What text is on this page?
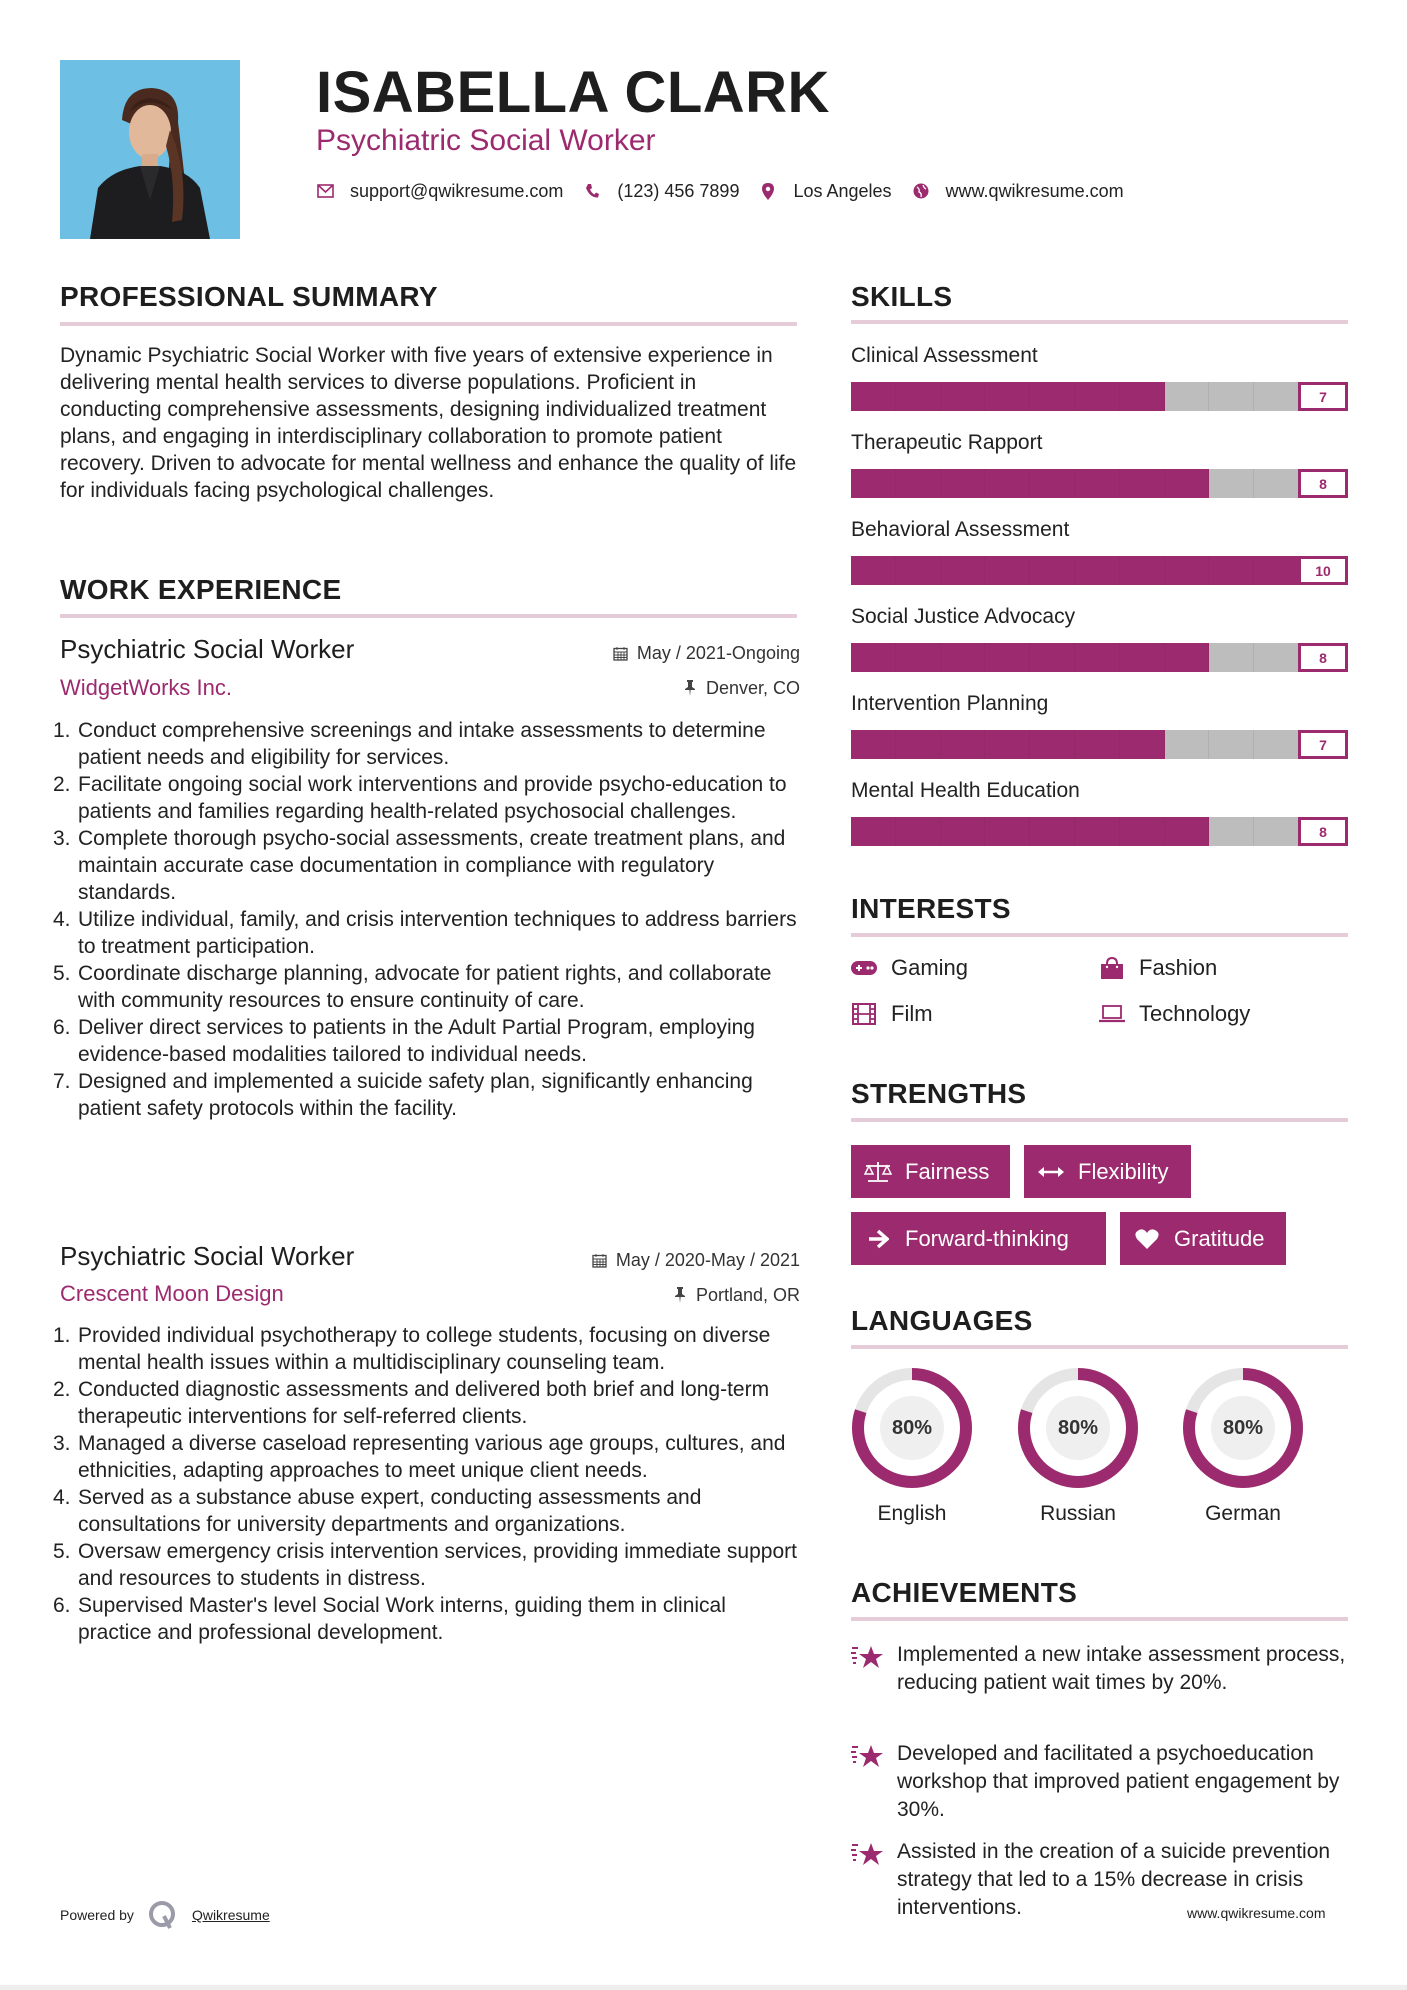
ISABELLA CLARK
Psychiatric Social Worker
support@qwikresume.com	(123) 456 7899	Los Angeles	www.qwikresume.com
PROFESSIONAL SUMMARY
Dynamic Psychiatric Social Worker with five years of extensive experience in delivering mental health services to diverse populations. Proficient in conducting comprehensive assessments, designing individualized treatment plans, and engaging in interdisciplinary collaboration to promote patient recovery. Driven to advocate for mental wellness and enhance the quality of life for individuals facing psychological challenges.
WORK EXPERIENCE
Psychiatric Social Worker	May / 2021-Ongoing
WidgetWorks Inc.	Denver, CO
1. Conduct comprehensive screenings and intake assessments to determine patient needs and eligibility for services.
2. Facilitate ongoing social work interventions and provide psycho-education to patients and families regarding health-related psychosocial challenges.
3. Complete thorough psycho-social assessments, create treatment plans, and maintain accurate case documentation in compliance with regulatory standards.
4. Utilize individual, family, and crisis intervention techniques to address barriers to treatment participation.
5. Coordinate discharge planning, advocate for patient rights, and collaborate with community resources to ensure continuity of care.
6. Deliver direct services to patients in the Adult Partial Program, employing evidence-based modalities tailored to individual needs.
7. Designed and implemented a suicide safety plan, significantly enhancing patient safety protocols within the facility.
Psychiatric Social Worker	May / 2020-May / 2021
Crescent Moon Design	Portland, OR
1. Provided individual psychotherapy to college students, focusing on diverse mental health issues within a multidisciplinary counseling team.
2. Conducted diagnostic assessments and delivered both brief and long-term therapeutic interventions for self-referred clients.
3. Managed a diverse caseload representing various age groups, cultures, and ethnicities, adapting approaches to meet unique client needs.
4. Served as a substance abuse expert, conducting assessments and consultations for university departments and organizations.
5. Oversaw emergency crisis intervention services, providing immediate support and resources to students in distress.
6. Supervised Master's level Social Work interns, guiding them in clinical practice and professional development.
SKILLS
Clinical Assessment
7
Therapeutic Rapport
8
Behavioral Assessment
10
Social Justice Advocacy
8
Intervention Planning
7
Mental Health Education
8
INTERESTS
Gaming	Fashion
Film	Technology
STRENGTHS
Fairness	Flexibility
Forward-thinking	Gratitude
LANGUAGES
80%
English
80%
Russian
80%
German
ACHIEVEMENTS
Implemented a new intake assessment process, reducing patient wait times by 20%.
Developed and facilitated a psychoeducation workshop that improved patient engagement by 30%.
Assisted in the creation of a suicide prevention strategy that led to a 15% decrease in crisis interventions.
Powered by	Qwikresume	www.qwikresume.com
